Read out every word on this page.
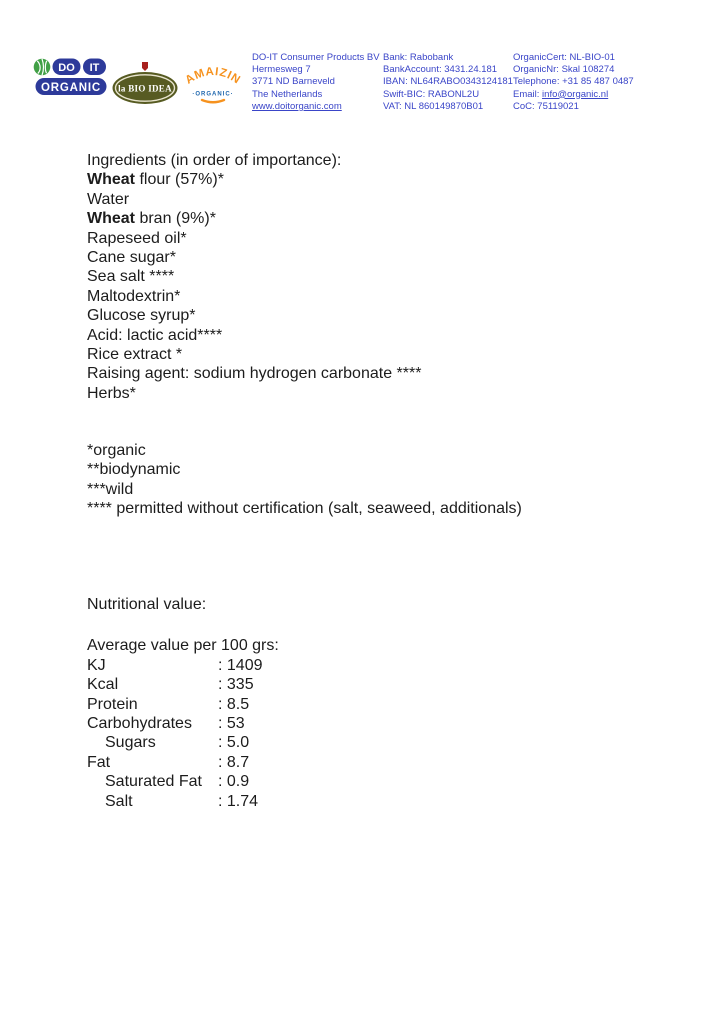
DO IT
ORGANIC la BIO IDEA
AMAIZIN
·ORGANIC·
DO-IT Consumer Products BV
Hermesweg 7
3771 ND Barneveld
The Netherlands
www.doitorganic.com
Bank: Rabobank
BankAccount: 3431.24.181
IBAN: NL64RABO0343124181
Swift-BIC: RABONL2U
VAT: NL 860149870B01
OrganicCert: NL-BIO-01
OrganicNr: Skal 108274
Telephone: +31 85 487 0487
Email: info@organic.nl
CoC: 75119021
Ingredients (in order of importance):
Wheat flour (57%)*
Water
Wheat bran (9%)*
Rapeseed oil*
Cane sugar*
Sea salt ****
Maltodextrin*
Glucose syrup*
Acid: lactic acid****
Rice extract *
Raising agent: sodium hydrogen carbonate ****
Herbs*
*organic
**biodynamic
***wild
**** permitted without certification (salt, seaweed, additionals)
Nutritional value:
Average value per 100 grs:
KJ	: 1409
Kcal	: 335
Protein	: 8.5
Carbohydrates : 53
Sugars	: 5.0
Fat	: 8.7
Saturated Fat : 0.9
Salt	: 1.74
